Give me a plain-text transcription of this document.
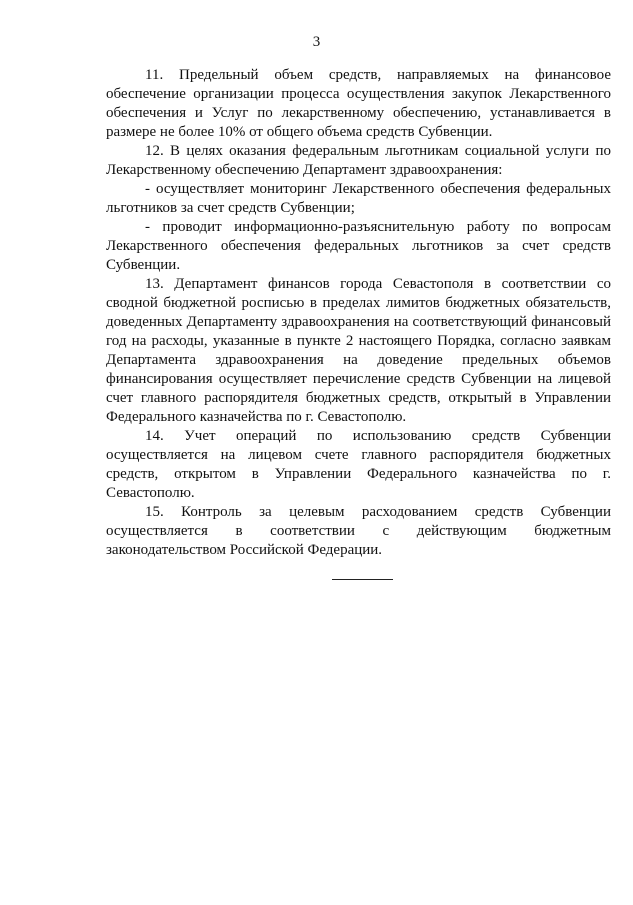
3

11. Предельный объем средств, направляемых на финансовое обеспечение организации процесса осуществления закупок Лекарственного обеспечения и Услуг по лекарственному обеспечению, устанавливается в размере не более 10% от общего объема средств Субвенции.

12. В целях оказания федеральным льготникам социальной услуги по Лекарственному обеспечению Департамент здравоохранения:

- осуществляет мониторинг Лекарственного обеспечения федеральных льготников за счет средств Субвенции;

- проводит информационно-разъяснительную работу по вопросам Лекарственного обеспечения федеральных льготников за счет средств Субвенции.

13. Департамент финансов города Севастополя в соответствии со сводной бюджетной росписью в пределах лимитов бюджетных обязательств, доведенных Департаменту здравоохранения на соответствующий финансовый год на расходы, указанные в пункте 2 настоящего Порядка, согласно заявкам Департамента здравоохранения на доведение предельных объемов финансирования осуществляет перечисление средств Субвенции на лицевой счет главного распорядителя бюджетных средств, открытый в Управлении Федерального казначейства по г. Севастополю.

14. Учет операций по использованию средств Субвенции осуществляется на лицевом счете главного распорядителя бюджетных средств, открытом в Управлении Федерального казначейства по г. Севастополю.

15. Контроль за целевым расходованием средств Субвенции осуществляется в соответствии с действующим бюджетным законодательством Российской Федерации.
